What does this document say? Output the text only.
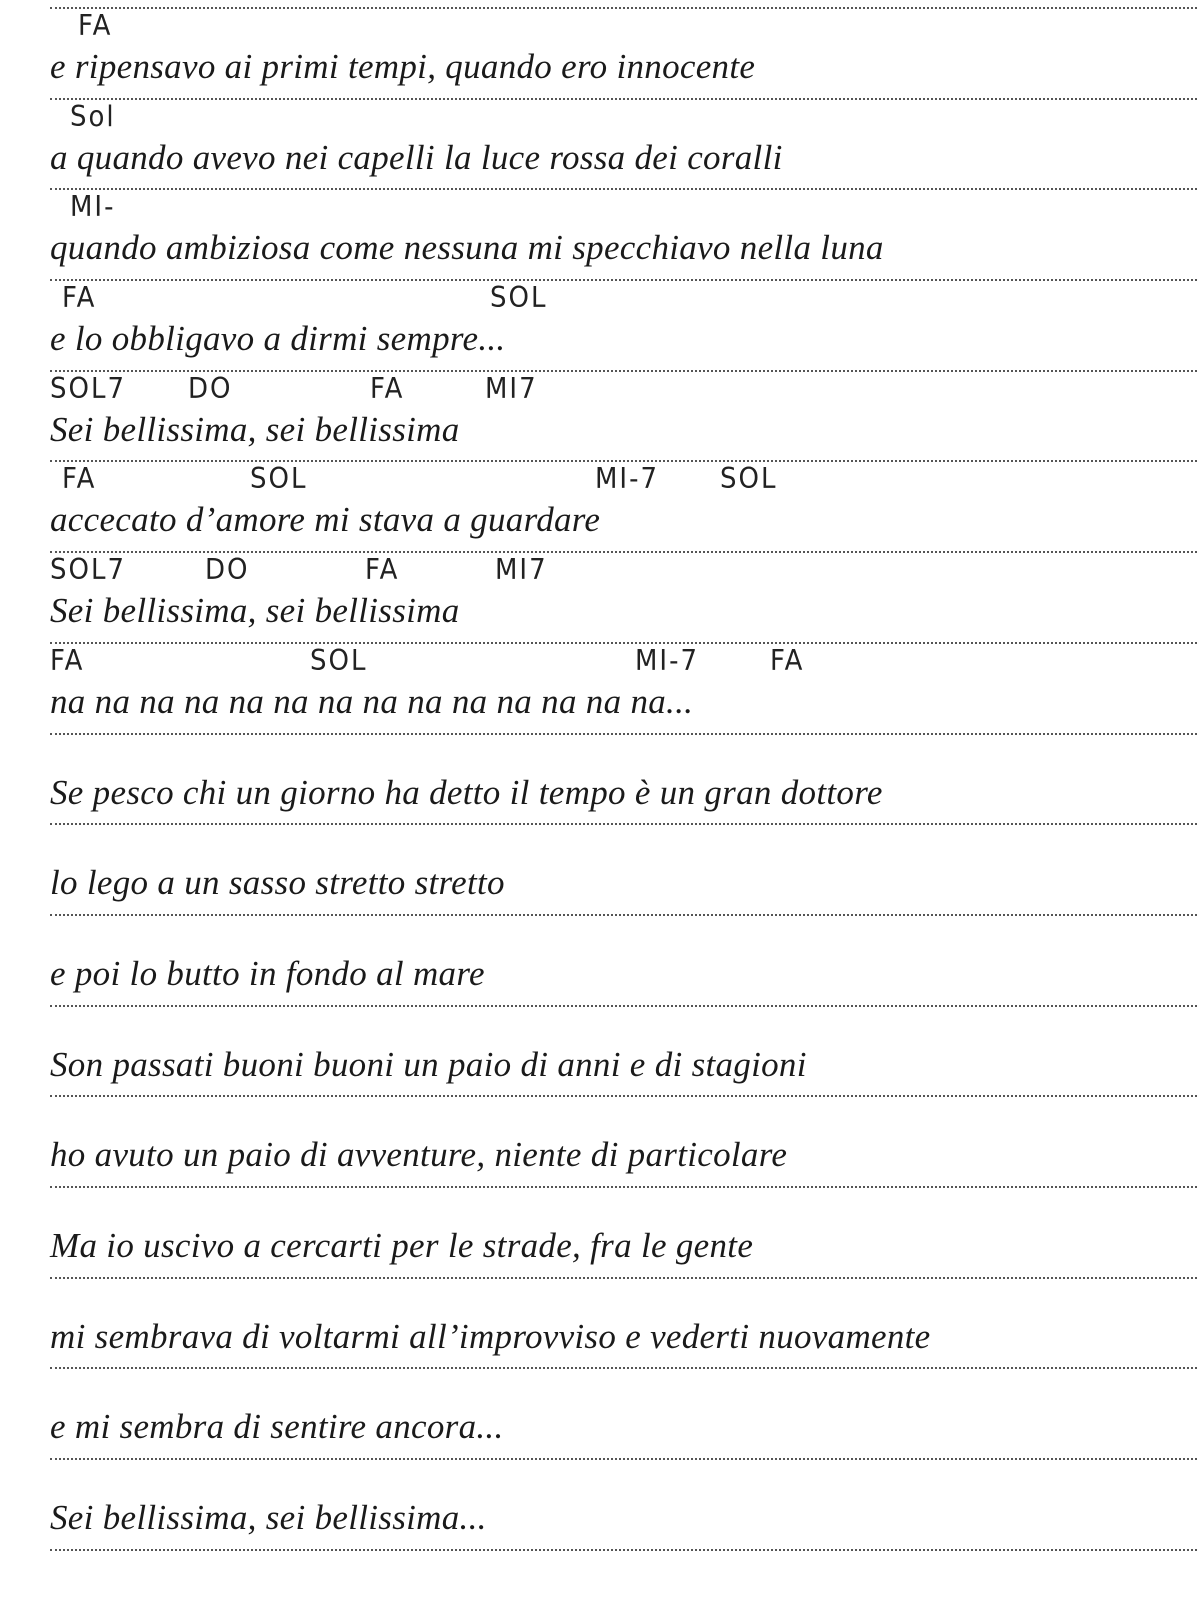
FA
e ripensavo ai primi tempi, quando ero innocente
Sol
a quando avevo nei capelli la luce rossa dei coralli
MI-
quando ambiziosa come nessuna mi specchiavo nella luna
FA	SOL
e lo obbligavo a dirmi sempre...
SOL7 DO	FA	MI7
Sei bellissima, sei bellissima
FA	SOL	MI-7 SOL
accecato d’amore mi stava a guardare
SOL7	DO	FA	MI7
Sei bellissima, sei bellissima
FA	SOL	MI-7	FA
na na na na na na na na na na na na na na...
Se pesco chi un giorno ha detto il tempo è un gran dottore
lo lego a un sasso stretto stretto
e poi lo butto in fondo al mare
Son passati buoni buoni un paio di anni e di stagioni
ho avuto un paio di avventure, niente di particolare
Ma io uscivo a cercarti per le strade, fra le gente
mi sembrava di voltarmi all’improvviso e vederti nuovamente
e mi sembra di sentire ancora...
Sei bellissima, sei bellissima...
